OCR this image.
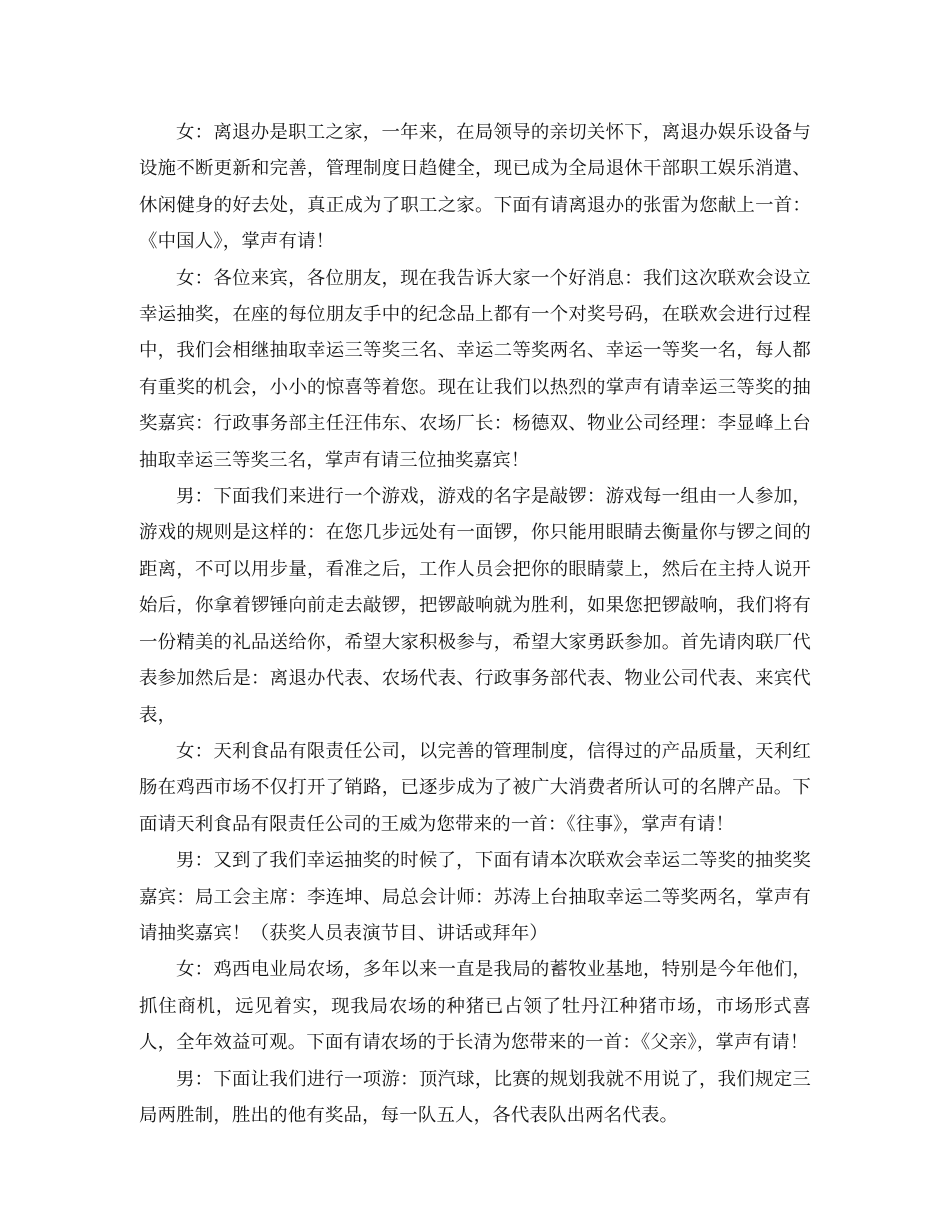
女：离退办是职工之家，一年来，在局领导的亲切关怀下，离退办娱乐设备与设施不断更新和完善，管理制度日趋健全，现已成为全局退休干部职工娱乐消遣、休闲健身的好去处，真正成为了职工之家。下面有请离退办的张雷为您献上一首：《中国人》，掌声有请！

女：各位来宾，各位朋友，现在我告诉大家一个好消息：我们这次联欢会设立幸运抽奖，在座的每位朋友手中的纪念品上都有一个对奖号码，在联欢会进行过程中，我们会相继抽取幸运三等奖三名、幸运二等奖两名、幸运一等奖一名，每人都有重奖的机会，小小的惊喜等着您。现在让我们以热烈的掌声有请幸运三等奖的抽奖嘉宾：行政事务部主任汪伟东、农场厂长：杨德双、物业公司经理：李显峰上台抽取幸运三等奖三名，掌声有请三位抽奖嘉宾！

男：下面我们来进行一个游戏，游戏的名字是敲锣：游戏每一组由一人参加，游戏的规则是这样的：在您几步远处有一面锣，你只能用眼睛去衡量你与锣之间的距离，不可以用步量，看准之后，工作人员会把你的眼睛蒙上，然后在主持人说开始后，你拿着锣锤向前走去敲锣，把锣敲响就为胜利，如果您把锣敲响，我们将有一份精美的礼品送给你，希望大家积极参与，希望大家勇跃参加。首先请肉联厂代表参加然后是：离退办代表、农场代表、行政事务部代表、物业公司代表、来宾代表，

女：天利食品有限责任公司，以完善的管理制度，信得过的产品质量，天利红肠在鸡西市场不仅打开了销路，已逐步成为了被广大消费者所认可的名牌产品。下面请天利食品有限责任公司的王威为您带来的一首：《往事》，掌声有请！

男：又到了我们幸运抽奖的时候了，下面有请本次联欢会幸运二等奖的抽奖奖嘉宾：局工会主席：李连坤、局总会计师：苏涛上台抽取幸运二等奖两名，掌声有请抽奖嘉宾！（获奖人员表演节目、讲话或拜年）

女：鸡西电业局农场，多年以来一直是我局的蓄牧业基地，特别是今年他们，抓住商机，远见着实，现我局农场的种猪已占领了牡丹江种猪市场，市场形式喜人，全年效益可观。下面有请农场的于长清为您带来的一首：《父亲》，掌声有请！

男：下面让我们进行一项游：顶汽球，比赛的规划我就不用说了，我们规定三局两胜制，胜出的他有奖品，每一队五人，各代表队出两名代表。
